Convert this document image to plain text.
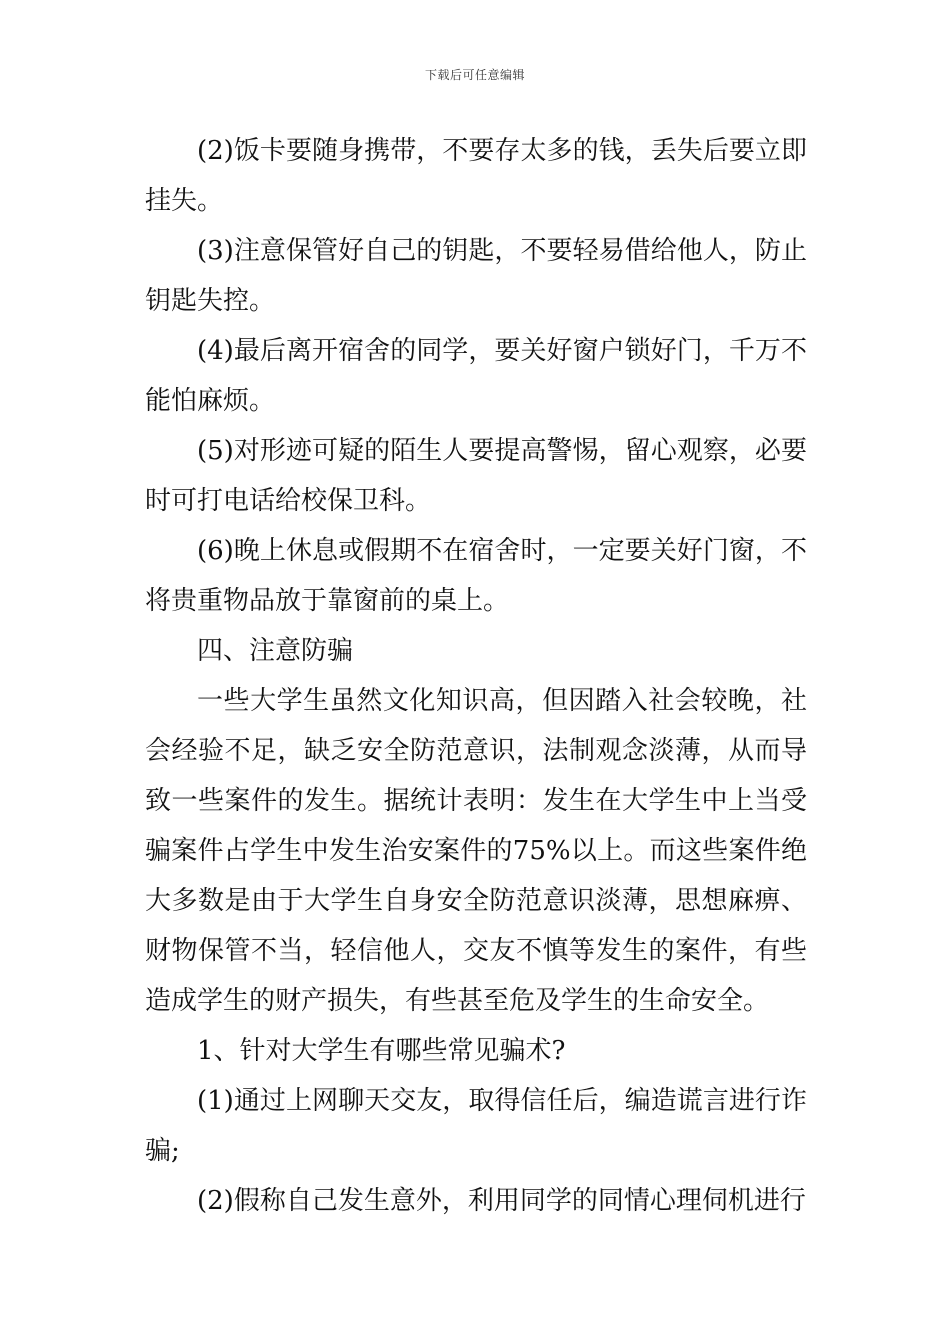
下载后可任意编辑

(2)饭卡要随身携带，不要存太多的钱，丢失后要立即挂失。

(3)注意保管好自己的钥匙，不要轻易借给他人，防止钥匙失控。

(4)最后离开宿舍的同学，要关好窗户锁好门，千万不能怕麻烦。

(5)对形迹可疑的陌生人要提高警惕，留心观察，必要时可打电话给校保卫科。

(6)晚上休息或假期不在宿舍时，一定要关好门窗，不将贵重物品放于靠窗前的桌上。

四、注意防骗

一些大学生虽然文化知识高，但因踏入社会较晚，社会经验不足，缺乏安全防范意识，法制观念淡薄，从而导致一些案件的发生。据统计表明：发生在大学生中上当受骗案件占学生中发生治安案件的75%以上。而这些案件绝大多数是由于大学生自身安全防范意识淡薄，思想麻痹、财物保管不当，轻信他人，交友不慎等发生的案件，有些造成学生的财产损失，有些甚至危及学生的生命安全。

1、针对大学生有哪些常见骗术?

(1)通过上网聊天交友，取得信任后，编造谎言进行诈骗;

(2)假称自己发生意外，利用同学的同情心理伺机进行
